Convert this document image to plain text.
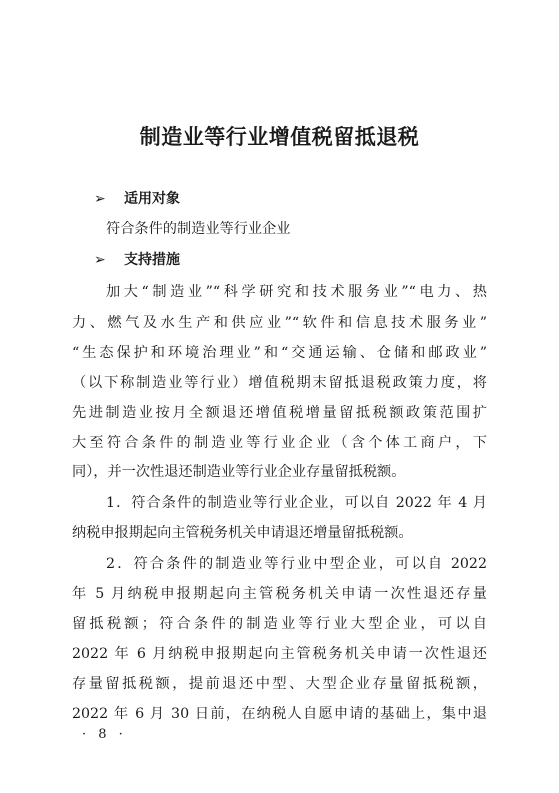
制造业等行业增值税留抵退税
➢ 适用对象
符合条件的制造业等行业企业
➢ 支持措施
加大“制造业”“科学研究和技术服务业”“电力、热
力、燃气及水生产和供应业”“软件和信息技术服务业”
“生态保护和环境治理业”和“交通运输、仓储和邮政业”
（以下称制造业等行业）增值税期末留抵退税政策力度，将
先进制造业按月全额退还增值税增量留抵税额政策范围扩
大至符合条件的制造业等行业企业（含个体工商户，下
同），并一次性退还制造业等行业企业存量留抵税额。
1．符合条件的制造业等行业企业，可以自 2022 年 4 月
纳税申报期起向主管税务机关申请退还增量留抵税额。
2．符合条件的制造业等行业中型企业，可以自 2022
年 5 月纳税申报期起向主管税务机关申请一次性退还存量
留抵税额；符合条件的制造业等行业大型企业，可以自
2022 年 6 月纳税申报期起向主管税务机关申请一次性退还
存量留抵税额，提前退还中型、大型企业存量留抵税额，
2022 年 6 月 30 日前，在纳税人自愿申请的基础上，集中退
· 8 ·
